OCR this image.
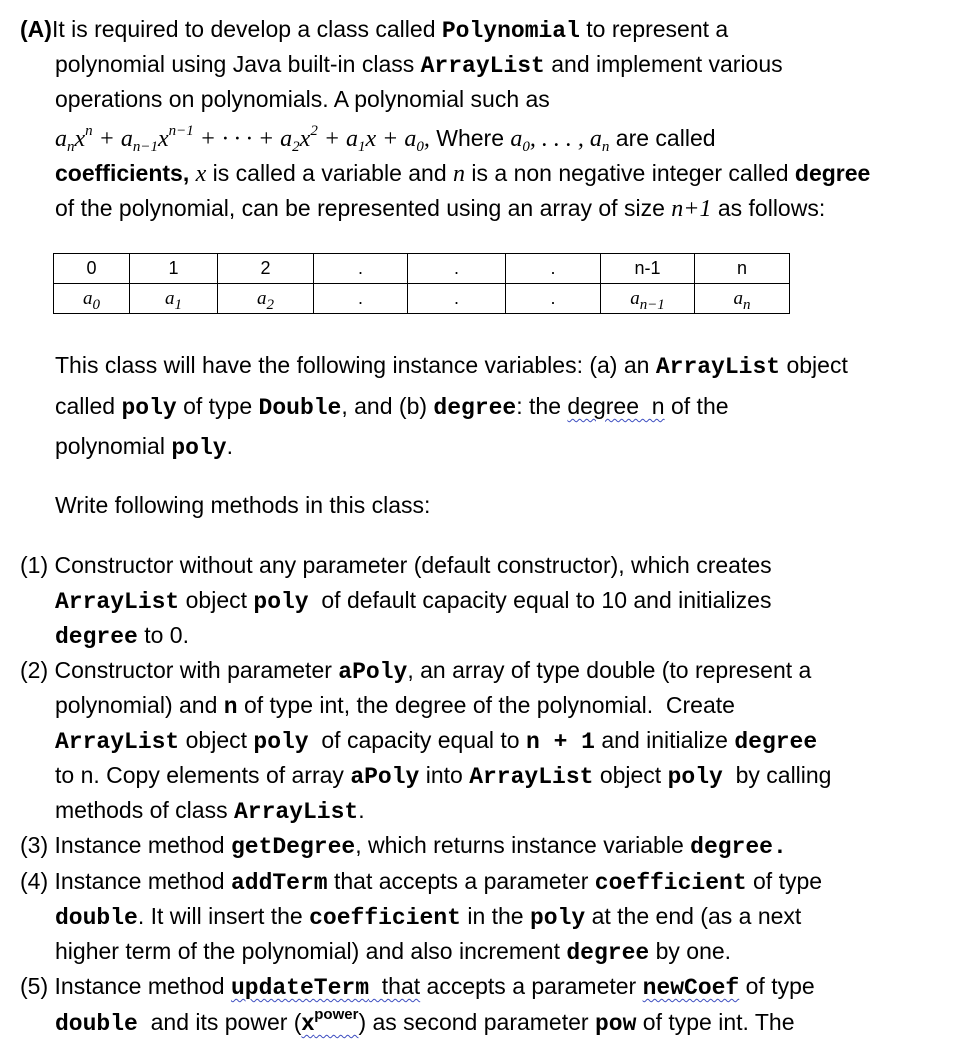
(A)It is required to develop a class called Polynomial to represent a
polynomial using Java built-in class ArrayList and implement various
operations on polynomials. A polynomial such as
$a_nx^n + a_{n-1}x^{n-1}$ + · · · + $a_2x^2 + a_1x + a_0$, Where $a_0$, . . . , $a_n$ are called
coefficients, x is called a variable and n is a non negative integer called degree
of the polynomial, can be represented using an array of size n+1 as follows:
0	1	2	.	.	.	n-1	n
$a_0$	$a_1$	$a_2$	.	.	.	$a_{n-1}$	$a_n$
This class will have the following instance variables: (a) an ArrayList object
called poly of type Double, and (b) degree: the degree  n of the
polynomial poly.
Write following methods in this class:
(1) Constructor without any parameter (default constructor), which creates
ArrayList object poly  of default capacity equal to 10 and initializes
degree to 0.
(2) Constructor with parameter aPoly, an array of type double (to represent a
polynomial) and n of type int, the degree of the polynomial.  Create
ArrayList object poly  of capacity equal to n + 1 and initialize degree
to n. Copy elements of array aPoly into ArrayList object poly  by calling
methods of class ArrayList.
(3) Instance method getDegree, which returns instance variable degree.
(4) Instance method addTerm that accepts a parameter coefficient of type
double. It will insert the coefficient in the poly at the end (as a next
higher term of the polynomial) and also increment degree by one.
(5) Instance method updateTerm  that accepts a parameter newCoef of type
double  and its power $(x^{power})$ as second parameter pow of type int. The
